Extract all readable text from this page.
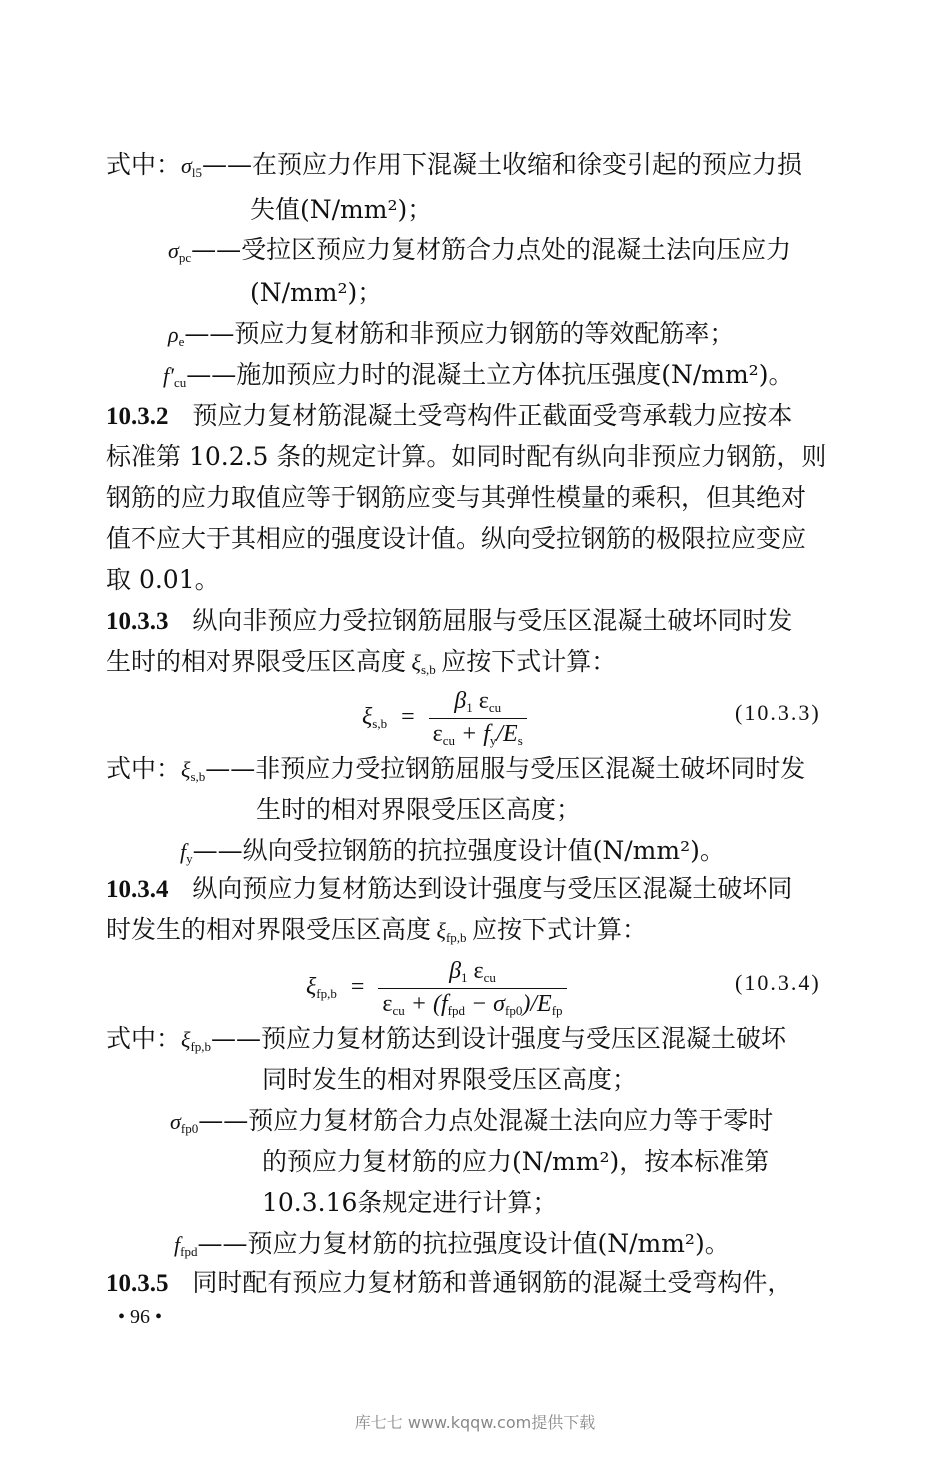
式中：$\sigma_{l5}——$在预应力作用下混凝土收缩和徐变引起的预应力损
失值(N/mm²)；
$\sigma_{pc}——$受拉区预应力复材筋合力点处的混凝土法向压应力
(N/mm²)；
$\rho_e——$预应力复材筋和非预应力钢筋的等效配筋率；
$f'_{cu}——$施加预应力时的混凝土立方体抗压强度(N/mm²)。
10.3.2 预应力复材筋混凝土受弯构件正截面受弯承载力应按本
标准第 10.2.5 条的规定计算。如同时配有纵向非预应力钢筋，则
钢筋的应力取值应等于钢筋应变与其弹性模量的乘积，但其绝对
值不应大于其相应的强度设计值。纵向受拉钢筋的极限拉应变应
取 0.01。
10.3.3 纵向非预应力受拉钢筋屈服与受压区混凝土破坏同时发
生时的相对界限受压区高度 $\xi_{s,b}$ 应按下式计算：
$\xi_{s,b} = \frac{\beta_1 \varepsilon_{cu}}{\varepsilon_{cu} + f_y/E_s}$	(10.3.3)
式中：$\xi_{s,b}——$非预应力受拉钢筋屈服与受压区混凝土破坏同时发
生时的相对界限受压区高度；
$f_y——$纵向受拉钢筋的抗拉强度设计值(N/mm²)。
10.3.4 纵向预应力复材筋达到设计强度与受压区混凝土破坏同
时发生的相对界限受压区高度 $\xi_{fp,b}$ 应按下式计算：
$\xi_{fp,b} = \frac{\beta_1 \varepsilon_{cu}}{\varepsilon_{cu} + (f_{fpd} - \sigma_{fp0})/E_{fp}}$	(10.3.4)
式中：$\xi_{fp,b}——$预应力复材筋达到设计强度与受压区混凝土破坏
同时发生的相对界限受压区高度；
$\sigma_{fp0}——$预应力复材筋合力点处混凝土法向应力等于零时
的预应力复材筋的应力(N/mm²)，按本标准第
10.3.16条规定进行计算；
$f_{fpd}——$预应力复材筋的抗拉强度设计值(N/mm²)。
10.3.5 同时配有预应力复材筋和普通钢筋的混凝土受弯构件，
• 96 •
库七七 www.kqqw.com提供下载
